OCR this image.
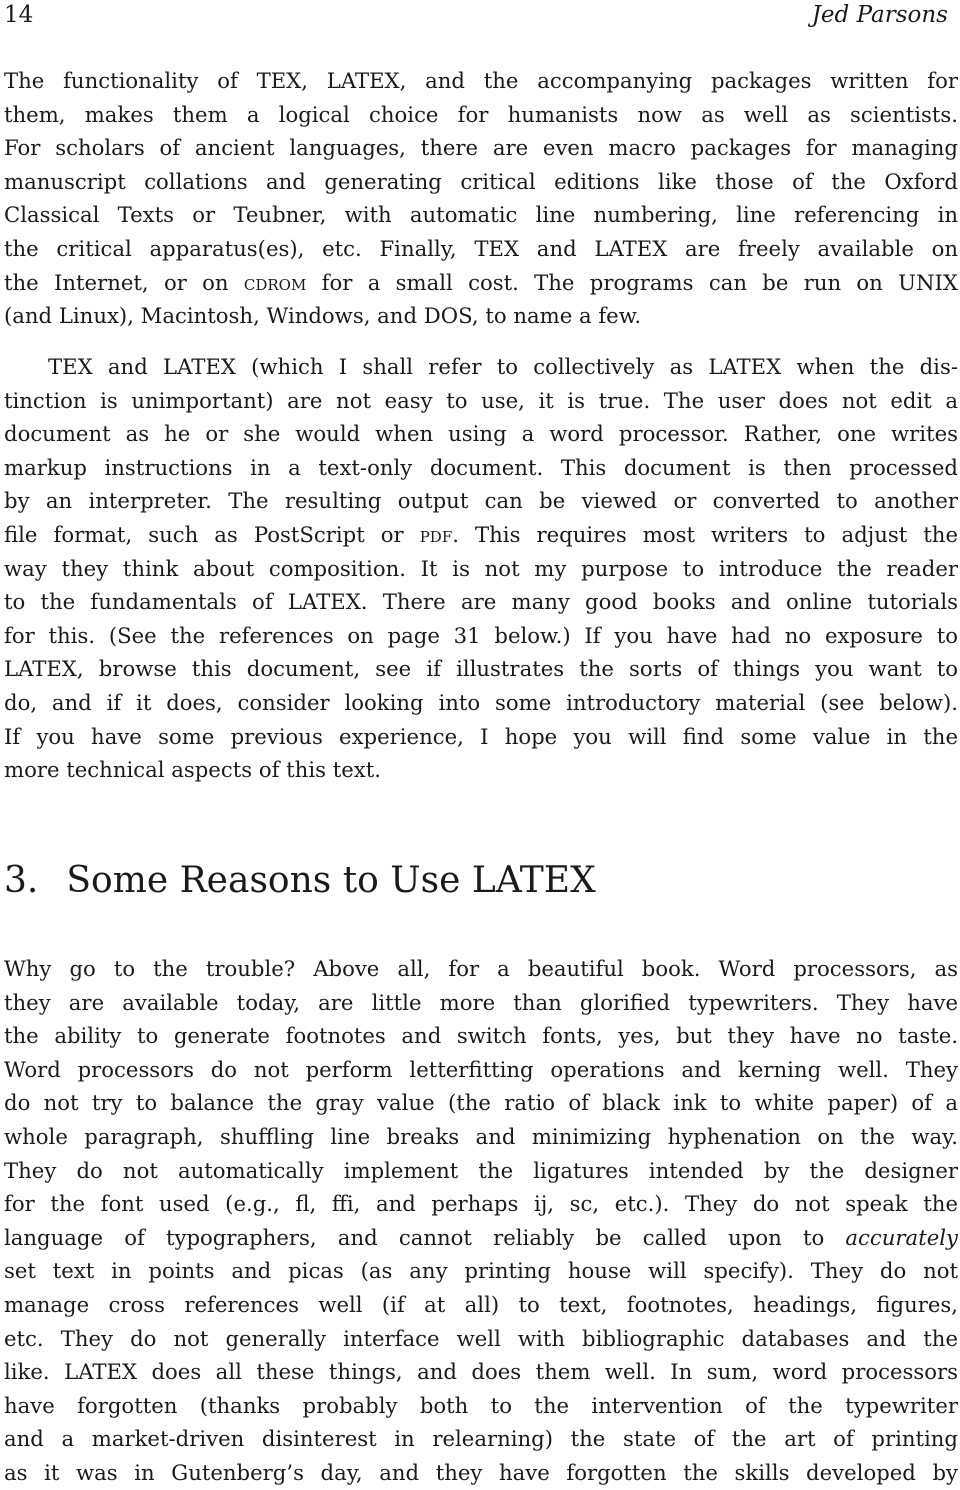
14	Jed Parsons
The functionality of TEX, LATEX, and the accompanying packages written for
them, makes them a logical choice for humanists now as well as scientists.
For scholars of ancient languages, there are even macro packages for managing
manuscript collations and generating critical editions like those of the Oxford
Classical Texts or Teubner, with automatic line numbering, line referencing in
the critical apparatus(es), etc. Finally, TEX and LATEX are freely available on
the Internet, or on cdrom for a small cost. The programs can be run on UNIX
(and Linux), Macintosh, Windows, and DOS, to name a few.
TEX and LATEX (which I shall refer to collectively as LATEX when the dis-
tinction is unimportant) are not easy to use, it is true. The user does not edit a
document as he or she would when using a word processor. Rather, one writes
markup instructions in a text-only document. This document is then processed
by an interpreter. The resulting output can be viewed or converted to another
file format, such as PostScript or pdf. This requires most writers to adjust the
way they think about composition. It is not my purpose to introduce the reader
to the fundamentals of LATEX. There are many good books and online tutorials
for this. (See the references on page 31 below.) If you have had no exposure to
LATEX, browse this document, see if illustrates the sorts of things you want to
do, and if it does, consider looking into some introductory material (see below).
If you have some previous experience, I hope you will find some value in the
more technical aspects of this text.
3. Some Reasons to Use LATEX
Why go to the trouble? Above all, for a beautiful book. Word processors, as
they are available today, are little more than glorified typewriters. They have
the ability to generate footnotes and switch fonts, yes, but they have no taste.
Word processors do not perform letterfitting operations and kerning well. They
do not try to balance the gray value (the ratio of black ink to white paper) of a
whole paragraph, shuffling line breaks and minimizing hyphenation on the way.
They do not automatically implement the ligatures intended by the designer
for the font used (e.g., fl, ffi, and perhaps ij, sc, etc.). They do not speak the
language of typographers, and cannot reliably be called upon to accurately
set text in points and picas (as any printing house will specify). They do not
manage cross references well (if at all) to text, footnotes, headings, figures,
etc. They do not generally interface well with bibliographic databases and the
like. LATEX does all these things, and does them well. In sum, word processors
have forgotten (thanks probably both to the intervention of the typewriter
and a market-driven disinterest in relearning) the state of the art of printing
as it was in Gutenberg’s day, and they have forgotten the skills developed by
